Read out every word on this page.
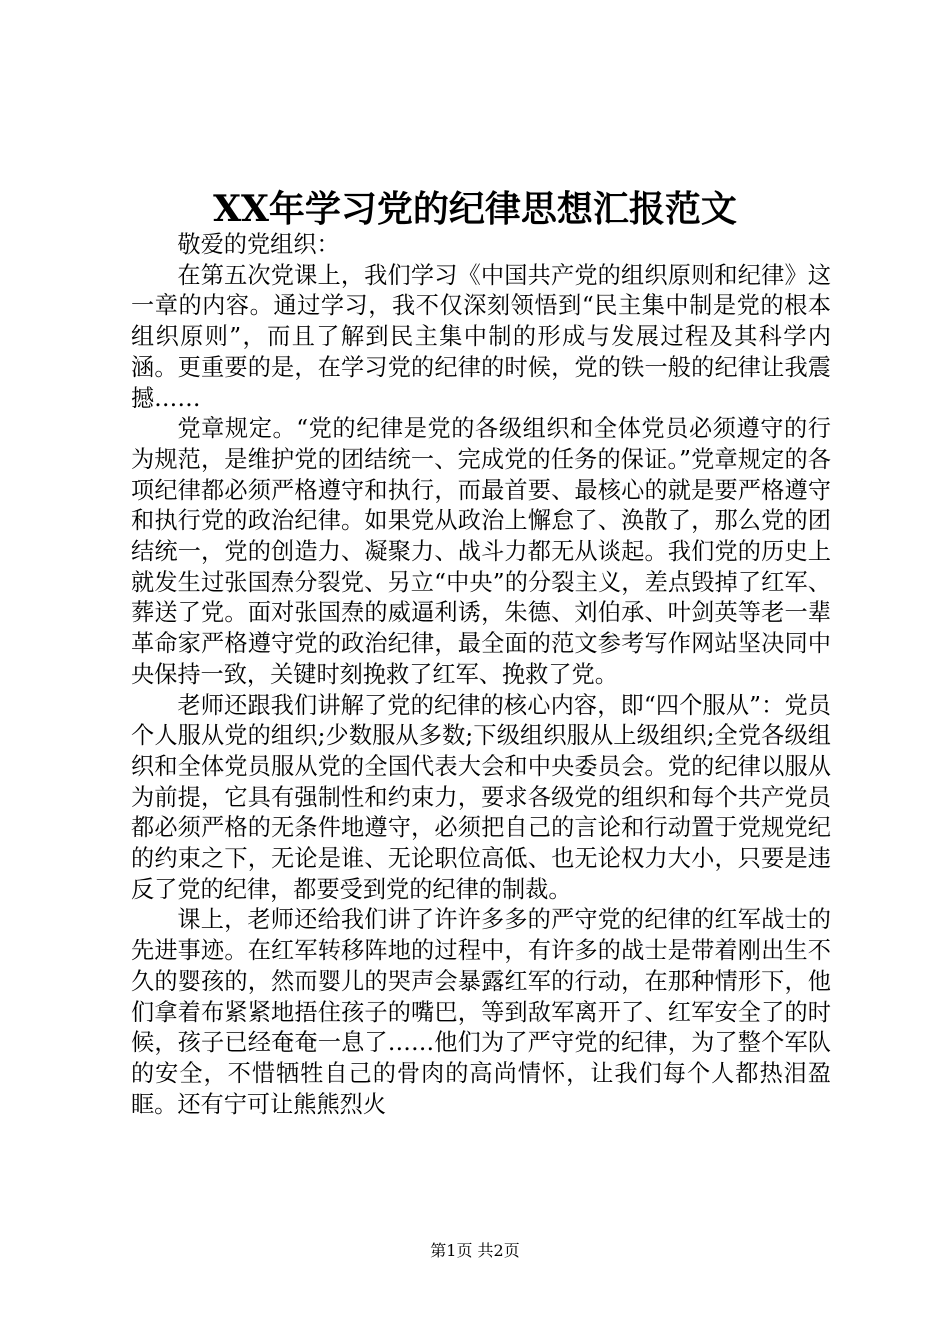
XX年学习党的纪律思想汇报范文

敬爱的党组织：

在第五次党课上，我们学习《中国共产党的组织原则和纪律》这一章的内容。通过学习，我不仅深刻领悟到“民主集中制是党的根本组织原则”，而且了解到民主集中制的形成与发展过程及其科学内涵。更重要的是，在学习党的纪律的时候，党的铁一般的纪律让我震撼……

党章规定。“党的纪律是党的各级组织和全体党员必须遵守的行为规范，是维护党的团结统一、完成党的任务的保证。”党章规定的各项纪律都必须严格遵守和执行，而最首要、最核心的就是要严格遵守和执行党的政治纪律。如果党从政治上懈怠了、涣散了，那么党的团结统一，党的创造力、凝聚力、战斗力都无从谈起。我们党的历史上就发生过张国焘分裂党、另立“中央”的分裂主义，差点毁掉了红军、葬送了党。面对张国焘的威逼利诱，朱德、刘伯承、叶剑英等老一辈革命家严格遵守党的政治纪律，最全面的范文参考写作网站坚决同中央保持一致，关键时刻挽救了红军、挽救了党。

老师还跟我们讲解了党的纪律的核心内容，即“四个服从”：党员个人服从党的组织;少数服从多数;下级组织服从上级组织;全党各级组织和全体党员服从党的全国代表大会和中央委员会。党的纪律以服从为前提，它具有强制性和约束力，要求各级党的组织和每个共产党员都必须严格的无条件地遵守，必须把自己的言论和行动置于党规党纪的约束之下，无论是谁、无论职位高低、也无论权力大小，只要是违反了党的纪律，都要受到党的纪律的制裁。

课上，老师还给我们讲了许许多多的严守党的纪律的红军战士的先进事迹。在红军转移阵地的过程中，有许多的战士是带着刚出生不久的婴孩的，然而婴儿的哭声会暴露红军的行动，在那种情形下，他们拿着布紧紧地捂住孩子的嘴巴，等到敌军离开了、红军安全了的时候，孩子已经奄奄一息了……他们为了严守党的纪律，为了整个军队的安全，不惜牺牲自己的骨肉的高尚情怀，让我们每个人都热泪盈眶。还有宁可让熊熊烈火

第1页 共2页
